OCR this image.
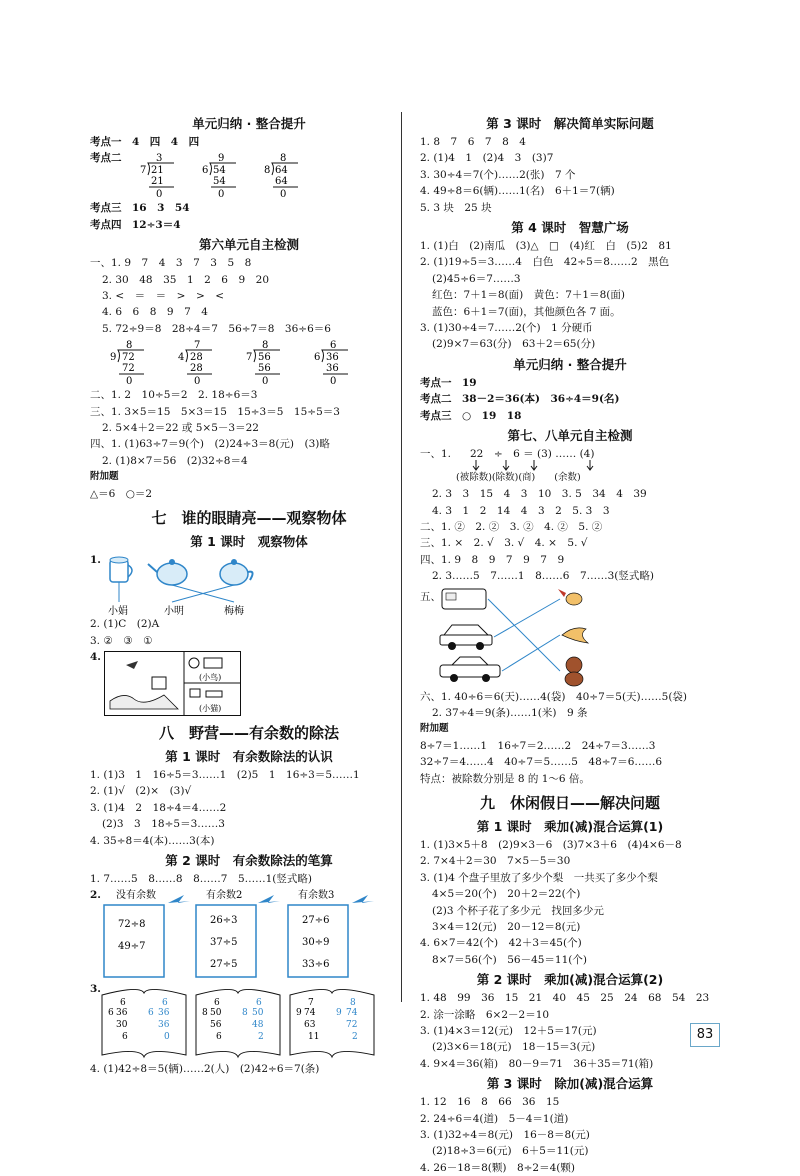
单元归纳 · 整合提升
考点一　4　四　4　四
考点二	3
7 21
21
0
9
6 54
54
0
8
8 64
64
0
考点三　16　3　54
考点四　12÷3＝4
第六单元自主检测
一、1. 9　7　4　3　7　3　5　8
2. 30　48　35　1　2　6　9　20
3. <　＝　＝　>　>　<
4. 6　6　8　9　7　4
5. 72÷9＝8　28÷4＝7　56÷7＝8　36÷6＝6
8
9 72
72
0
7
4 28
28
0
8
7 56
56
0
6
6 36
36
0
二、1. 2　10÷5＝2　2. 18÷6＝3
三、1. 3×5＝15　5×3＝15　15÷3＝5　15÷5＝3
2. 5×4＋2＝22 或 5×5－3＝22
四、1. (1)63÷7＝9(个)　(2)24÷3＝8(元)　(3)略
2. (1)8×7＝56　(2)32÷8＝4
附加题
△＝6　○＝2
七　谁的眼睛亮——观察物体
第 1 课时　观察物体
1.
小娟	小明	梅梅
2. (1)C　(2)A
3. ②　③　①
4.
(小鸟)
(小猫)
八　野营——有余数的除法
第 1 课时　有余数除法的认识
1. (1)3　1　16÷5＝3……1　(2)5　1　16÷3＝5……1
2. (1)√　(2)×　(3)√
3. (1)4　2　18÷4＝4……2
(2)3　3　18÷5＝3……3
4. 35÷8＝4(本)……3(本)
第 2 课时　有余数除法的笔算
1. 7……5　8……8　8……7　5……1(竖式略)
2. 没有余数
72÷8
49÷7
有余数2
26÷3
37÷5
27÷5
有余数3
27÷6
30÷9
33÷6
3.
6
6
36
30
6
6
6
36
36
0
8
6
50
56
6
8
6
50
48
2
9
7
74
63
11
9
8
74
72
2
4. (1)42÷8＝5(辆)……2(人)　(2)42÷6＝7(条)
第 3 课时　解决简单实际问题
1. 8　7　6　7　8　4
2. (1)4　1　(2)4　3　(3)7
3. 30÷4＝7(个)……2(张)　7 个
4. 49÷8＝6(辆)……1(名)　6＋1＝7(辆)
5. 3 块　25 块
第 4 课时　智慧广场
1. (1)白　(2)南瓜　(3)△　□　(4)红　白　(5)2　81
2. (1)19÷5＝3……4　白色　42÷5＝8……2　黑色
(2)45÷6＝7……3
红色：7＋1＝8(面)　黄色：7＋1＝8(面)
蓝色：6＋1＝7(面)，其他颜色各 7 面。
3. (1)30÷4＝7……2(个)　1 分硬币
(2)9×7＝63(分)　63＋2＝65(分)
单元归纳 · 整合提升
考点一　19
考点二　38－2＝36(本)　36÷4＝9(名)
考点三　○　19　18
第七、八单元自主检测
一、1. 22　÷　6 ＝ (3) …… (4)
(被除数)(除数)(商)　　(余数)
2. 3　3　15　4　3　10　3. 5　34　4　39
4. 3　1　2　14　4　3　2　5. 3　3
二、1. ②　2. ②　3. ②　4. ②　5. ②
三、1. ×　2. √　3. √　4. ×　5. √
四、1. 9　8　9　7　9　7　9
2. 3……5　7……1　8……6　7……3(竖式略)
五、
六、1. 40÷6＝6(天)……4(袋)　40÷7＝5(天)……5(袋)
2. 37÷4＝9(条)……1(米)　9 条
附加题
8÷7＝1……1　16÷7＝2……2　24÷7＝3……3
32÷7＝4……4　40÷7＝5……5　48÷7＝6……6
特点：被除数分别是 8 的 1～6 倍。
九　休闲假日——解决问题
第 1 课时　乘加(减)混合运算(1)
1. (1)3×5＋8　(2)9×3－6　(3)7×3＋6　(4)4×6－8
2. 7×4＋2＝30　7×5－5＝30
3. (1)4 个盘子里放了多少个梨　一共买了多少个梨
4×5＝20(个)　20＋2＝22(个)
(2)3 个杯子花了多少元　找回多少元
3×4＝12(元)　20－12＝8(元)
4. 6×7＝42(个)　42＋3＝45(个)
8×7＝56(个)　56－45＝11(个)
第 2 课时　乘加(减)混合运算(2)
1. 48　99　36　15　21　40　45　25　24　68　54　23
2. 涂一涂略　6×2－2＝10
3. (1)4×3＝12(元)　12＋5＝17(元)
(2)3×6＝18(元)　18－15＝3(元)
4. 9×4＝36(箱)　80－9＝71　36＋35＝71(箱)
第 3 课时　除加(减)混合运算
1. 12　16　8　66　36　15
2. 24÷6＝4(道)　5－4＝1(道)
3. (1)32÷4＝8(元)　16－8＝8(元)
(2)18÷3＝6(元)　6＋5＝11(元)
4. 26－18＝8(颗)　8÷2＝4(颗)
83
